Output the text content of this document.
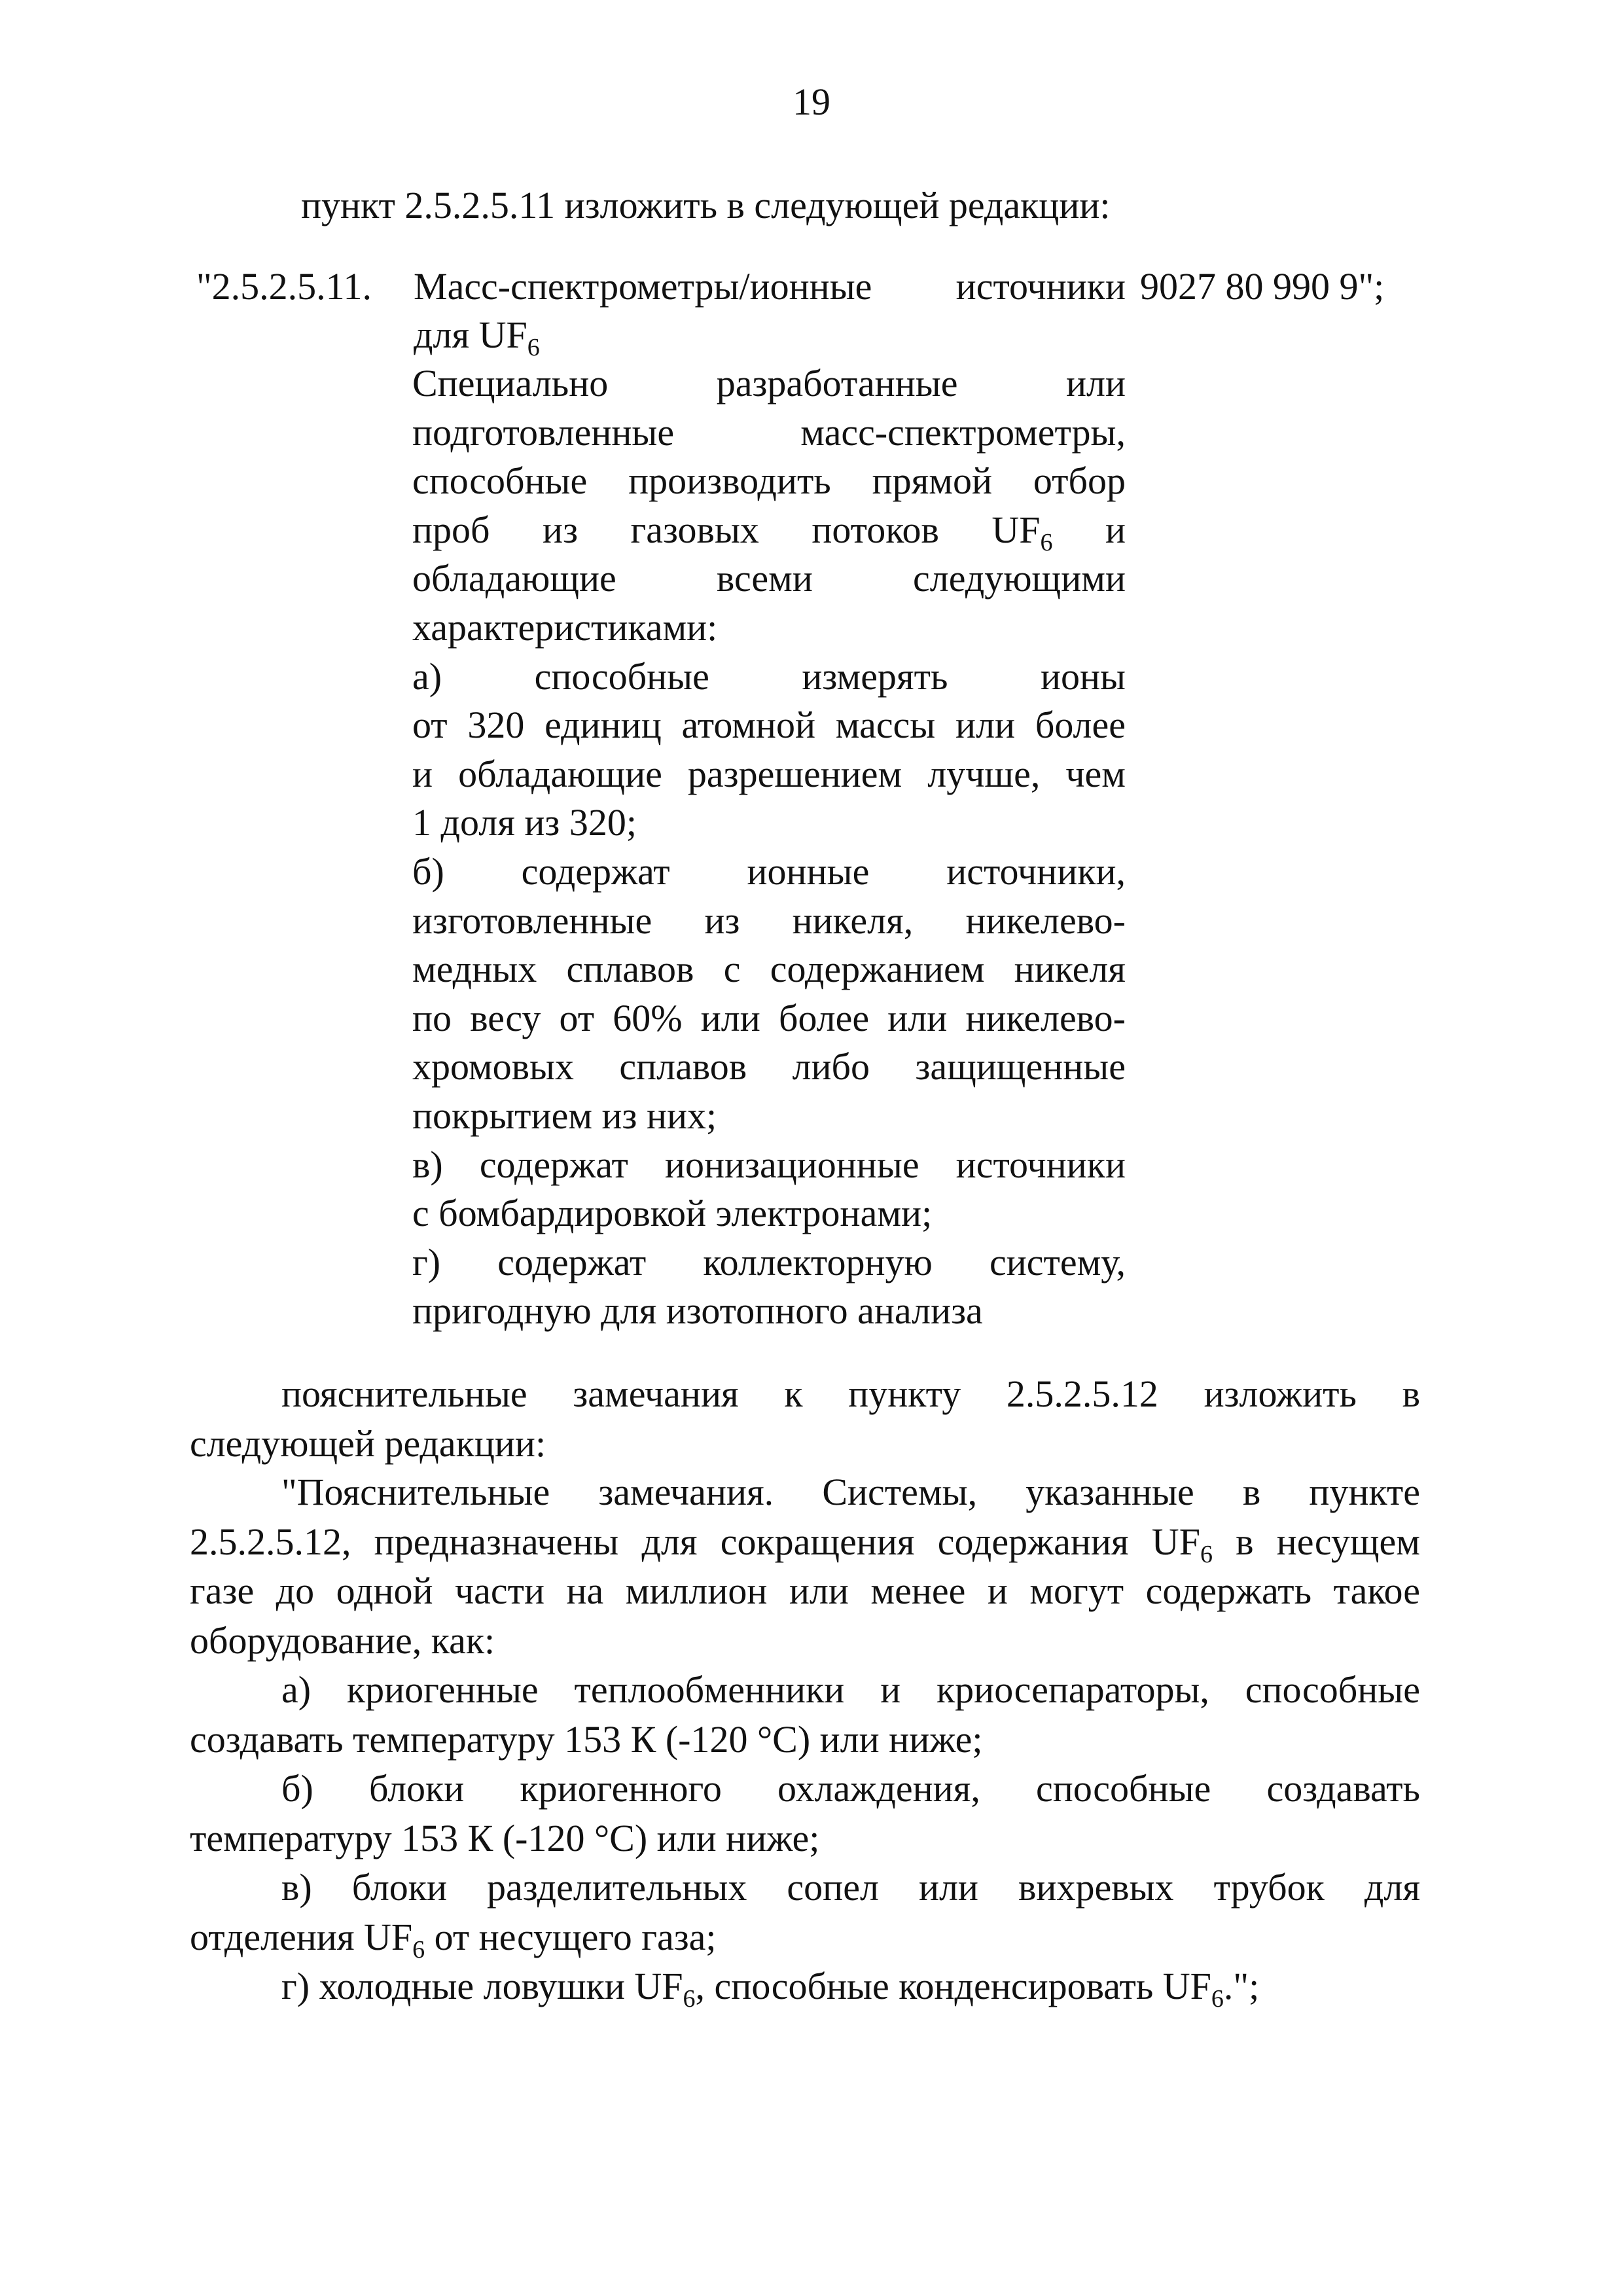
19
пункт 2.5.2.5.11 изложить в следующей редакции:
"2.5.2.5.11. Масс-спектрометры/ионные источники 9027 80 990 9";
для $UF_6$
Специально разработанные или
подготовленные масс-спектрометры,
способные производить прямой отбор
проб из газовых потоков $UF_6$ и
обладающие всеми следующими
характеристиками:
а) способные измерять ионы
от 320 единиц атомной массы или более
и обладающие разрешением лучше, чем
1 доля из 320;
б) содержат ионные источники,
изготовленные из никеля, никелево-
медных сплавов с содержанием никеля
по весу от 60% или более или никелево-
хромовых сплавов либо защищенные
покрытием из них;
в) содержат ионизационные источники
с бомбардировкой электронами;
г) содержат коллекторную систему,
пригодную для изотопного анализа
пояснительные замечания к пункту 2.5.2.5.12 изложить в
следующей редакции:
"Пояснительные замечания. Системы, указанные в пункте
2.5.2.5.12, предназначены для сокращения содержания $UF_6$ в несущем
газе до одной части на миллион или менее и могут содержать такое
оборудование, как:
а) криогенные теплообменники и криосепараторы, способные
создавать температуру 153 К (-120 °С) или ниже;
б) блоки криогенного охлаждения, способные создавать
температуру 153 К (-120 °С) или ниже;
в) блоки разделительных сопел или вихревых трубок для
отделения $UF_6$ от несущего газа;
г) холодные ловушки $UF_6$, способные конденсировать $UF_6$.";
